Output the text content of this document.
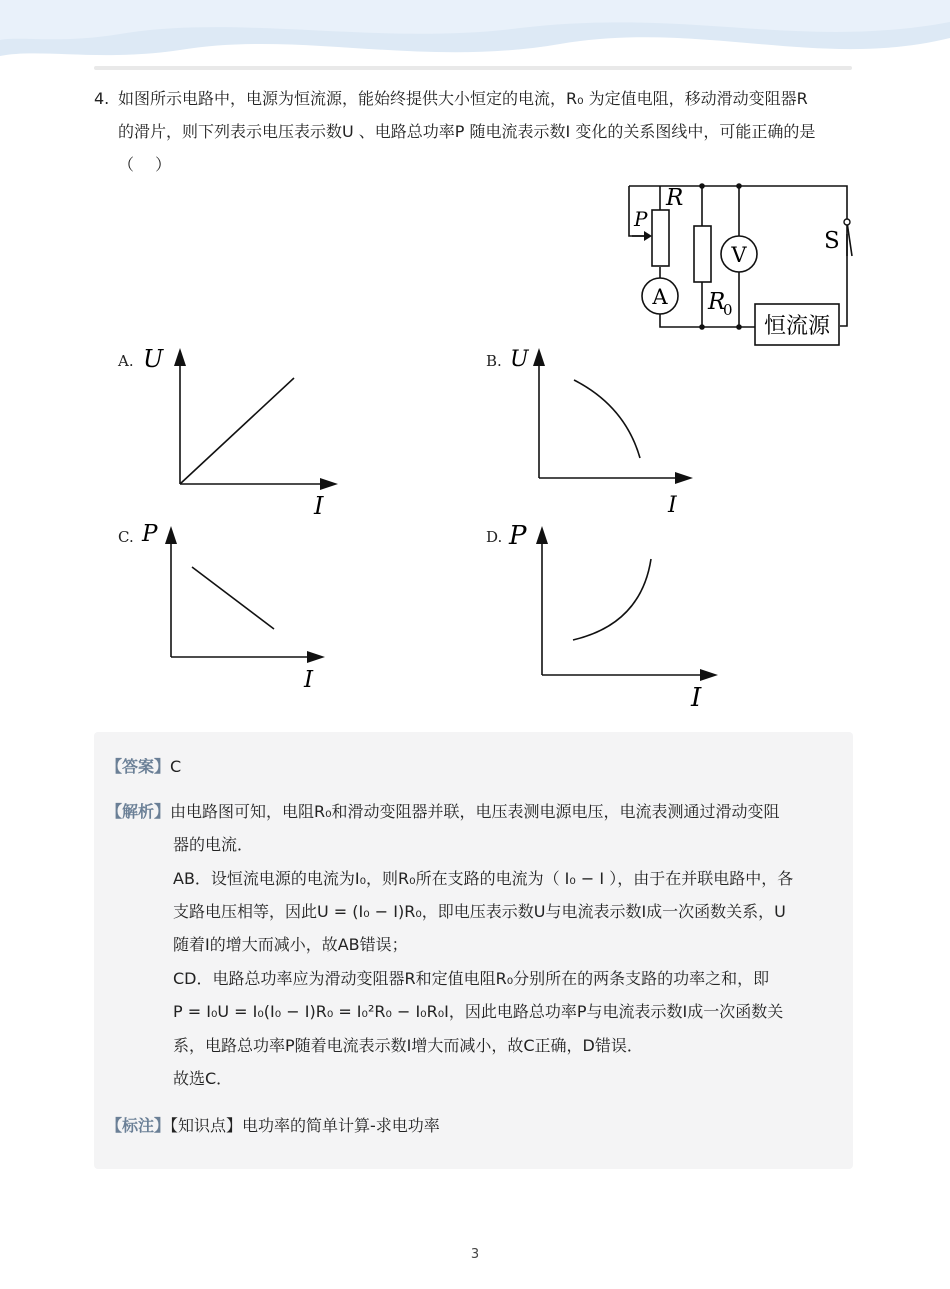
4. 如图所示电路中，电源为恒流源，能始终提供大小恒定的电流，R₀ 为定值电阻，移动滑动变阻器R
的滑片，则下列表示电压表示数U 、电路总功率P 随电流表示数I 变化的关系图线中，可能正确的是
（　 ）
R
P
R
0
A
V
S
恒流源
A. U
I
B. U
I
C. P
I
D. P
I
【答案】C
【解析】由电路图可知，电阻R₀和滑动变阻器并联，电压表测电源电压，电流表测通过滑动变阻
器的电流．
AB．设恒流电源的电流为I₀，则R₀所在支路的电流为（ I₀ − I ），由于在并联电路中，各
支路电压相等，因此U = (I₀ − I)R₀，即电压表示数U与电流表示数I成一次函数关系，U
随着I的增大而减小，故AB错误；
CD．电路总功率应为滑动变阻器R和定值电阻R₀分别所在的两条支路的功率之和，即
P = I₀U = I₀(I₀ − I)R₀ = I₀²R₀ − I₀R₀I，因此电路总功率P与电流表示数I成一次函数关
系，电路总功率P随着电流表示数I增大而减小，故C正确，D错误．
故选C．
【标注】【知识点】电功率的简单计算-求电功率
3
